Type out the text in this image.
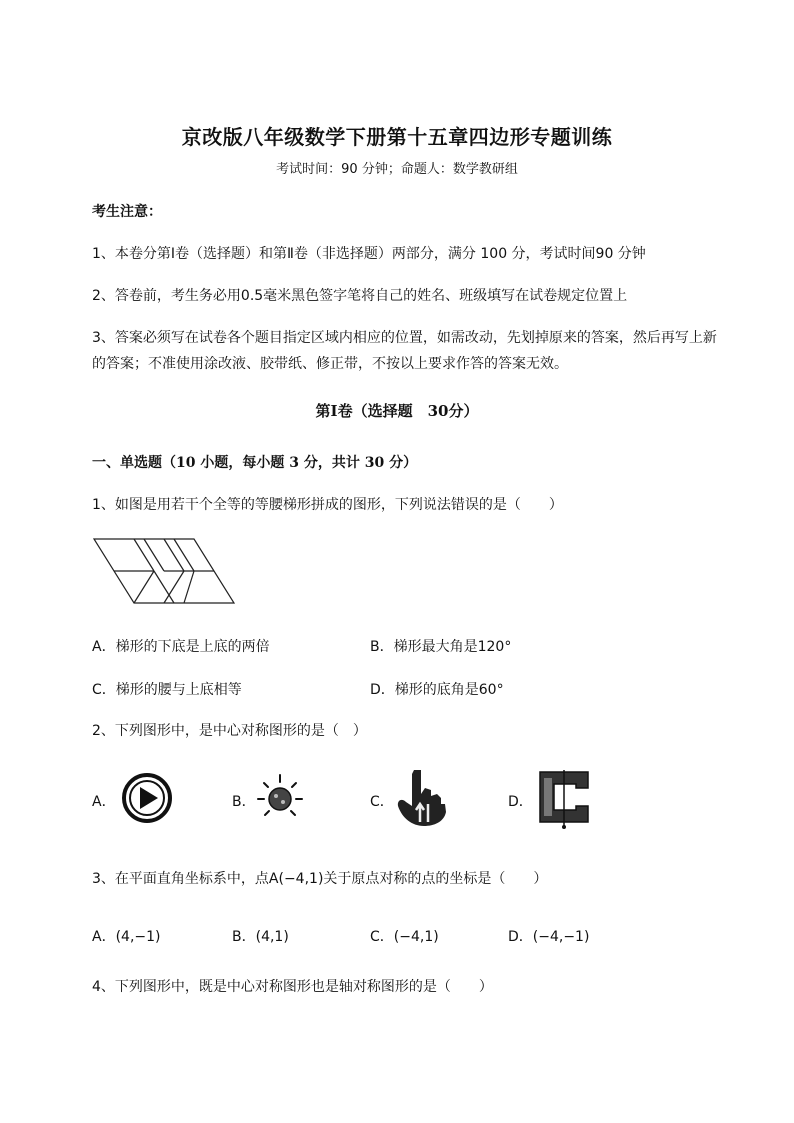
京改版八年级数学下册第十五章四边形专题训练
考试时间：90 分钟；命题人：数学教研组
考生注意：
1、本卷分第Ⅰ卷（选择题）和第Ⅱ卷（非选择题）两部分，满分 100 分，考试时间90 分钟
2、答卷前，考生务必用0.5毫米黑色签字笔将自己的姓名、班级填写在试卷规定位置上
3、答案必须写在试卷各个题目指定区域内相应的位置，如需改动，先划掉原来的答案，然后再写上新
的答案；不准使用涂改液、胶带纸、修正带，不按以上要求作答的答案无效。
第Ⅰ卷（选择题　30分）
一、单选题（10 小题，每小题 3 分，共计 30 分）
1、如图是用若干个全等的等腰梯形拼成的图形，下列说法错误的是（　　）
A．梯形的下底是上底的两倍	B．梯形最大角是120°
C．梯形的腰与上底相等	D．梯形的底角是60°
2、下列图形中，是中心对称图形的是（　）
A．	B．	C．	D．
3、在平面直角坐标系中，点A(−4,1)关于原点对称的点的坐标是（　　）
A．(4,−1)	B．(4,1)	C．(−4,1)	D．(−4,−1)
4、下列图形中，既是中心对称图形也是轴对称图形的是（　　）
